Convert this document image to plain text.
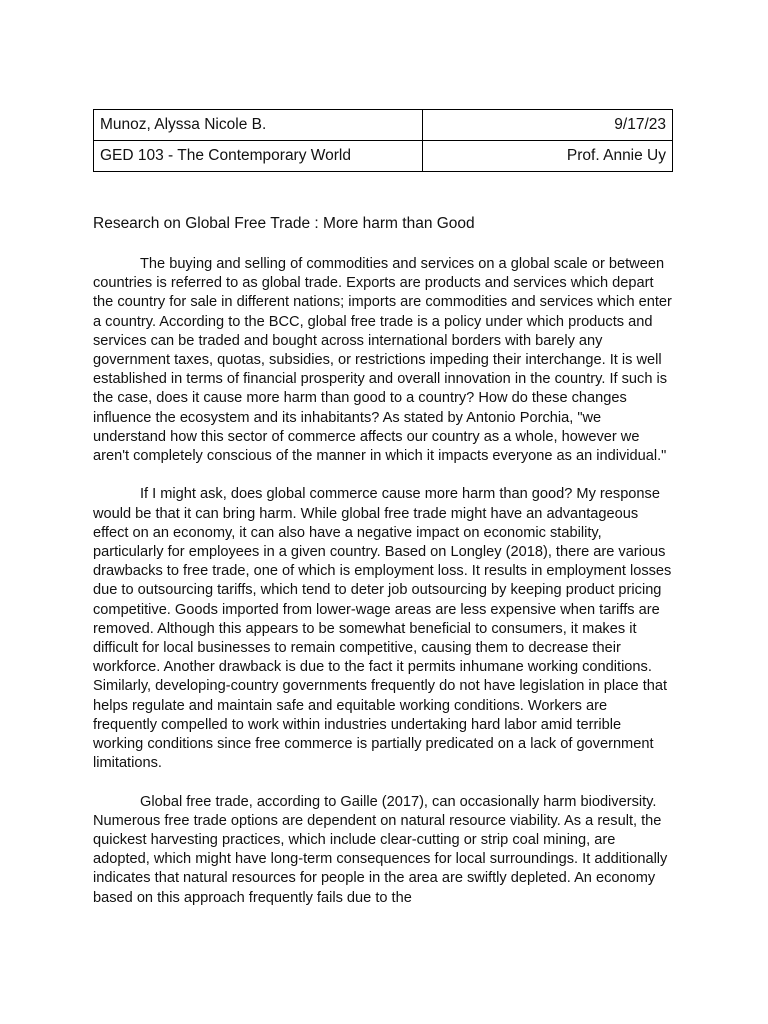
Munoz, Alyssa Nicole B.	9/17/23
GED 103 - The Contemporary World	Prof. Annie Uy
Research on Global Free Trade : More harm than Good

The buying and selling of commodities and services on a global scale or between countries is referred to as global trade. Exports are products and services which depart the country for sale in different nations; imports are commodities and services which enter a country. According to the BCC, global free trade is a policy under which products and services can be traded and bought across international borders with barely any government taxes, quotas, subsidies, or restrictions impeding their interchange. It is well established in terms of financial prosperity and overall innovation in the country. If such is the case, does it cause more harm than good to a country? How do these changes influence the ecosystem and its inhabitants? As stated by Antonio Porchia, "we understand how this sector of commerce affects our country as a whole, however we aren't completely conscious of the manner in which it impacts everyone as an individual."

If I might ask, does global commerce cause more harm than good? My response would be that it can bring harm. While global free trade might have an advantageous effect on an economy, it can also have a negative impact on economic stability, particularly for employees in a given country. Based on Longley (2018), there are various drawbacks to free trade, one of which is employment loss. It results in employment losses due to outsourcing tariffs, which tend to deter job outsourcing by keeping product pricing competitive. Goods imported from lower-wage areas are less expensive when tariffs are removed. Although this appears to be somewhat beneficial to consumers, it makes it difficult for local businesses to remain competitive, causing them to decrease their workforce. Another drawback is due to the fact it permits inhumane working conditions. Similarly, developing-country governments frequently do not have legislation in place that helps regulate and maintain safe and equitable working conditions. Workers are frequently compelled to work within industries undertaking hard labor amid terrible working conditions since free commerce is partially predicated on a lack of government limitations.

Global free trade, according to Gaille (2017), can occasionally harm biodiversity. Numerous free trade options are dependent on natural resource viability. As a result, the quickest harvesting practices, which include clear-cutting or strip coal mining, are adopted, which might have long-term consequences for local surroundings. It additionally indicates that natural resources for people in the area are swiftly depleted. An economy based on this approach frequently fails due to the
